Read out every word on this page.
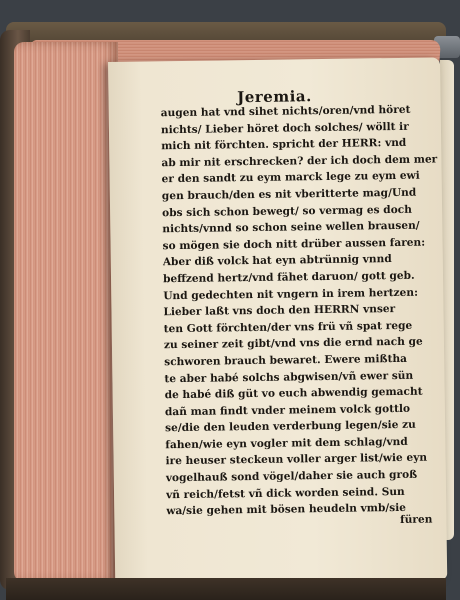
Jeremia.
augen hat vnd sihet nichts/oren/vnd höret
nichts/ Lieber höret doch solches/ wöllt ir
mich nit förchten. spricht der HERR: vnd
ab mir nit erschrecken? der ich doch dem mer
er den sandt zu eym marck lege zu eym ewi
gen brauch/den es nit vberitterte mag/Und
obs sich schon bewegt/ so vermag es doch
nichts/vnnd so schon seine wellen brausen/
so mögen sie doch nitt drüber aussen faren:
Aber diß volck hat eyn abtrünnig vnnd
beffzend hertz/vnd fähet daruon/ gott geb.
Und gedechten nit vngern in irem hertzen:
Lieber laßt vns doch den HERRN vnser
ten Gott förchten/der vns frü vñ spat rege
zu seiner zeit gibt/vnd vns die ernd nach ge
schworen brauch bewaret. Ewere mißtha
te aber habé solchs abgwisen/vñ ewer sün
de habé diß güt vo euch abwendig gemacht
dañ man findt vnder meinem volck gottlo
se/die den leuden verderbung legen/sie zu
fahen/wie eyn vogler mit dem schlag/vnd
ire heuser steckeun voller arger list/wie eyn
vogelhauß sond vögel/daher sie auch groß
vñ reich/fetst vñ dick worden seind. Sun
wa/sie gehen mit bösen heudeln vmb/sie
füren
